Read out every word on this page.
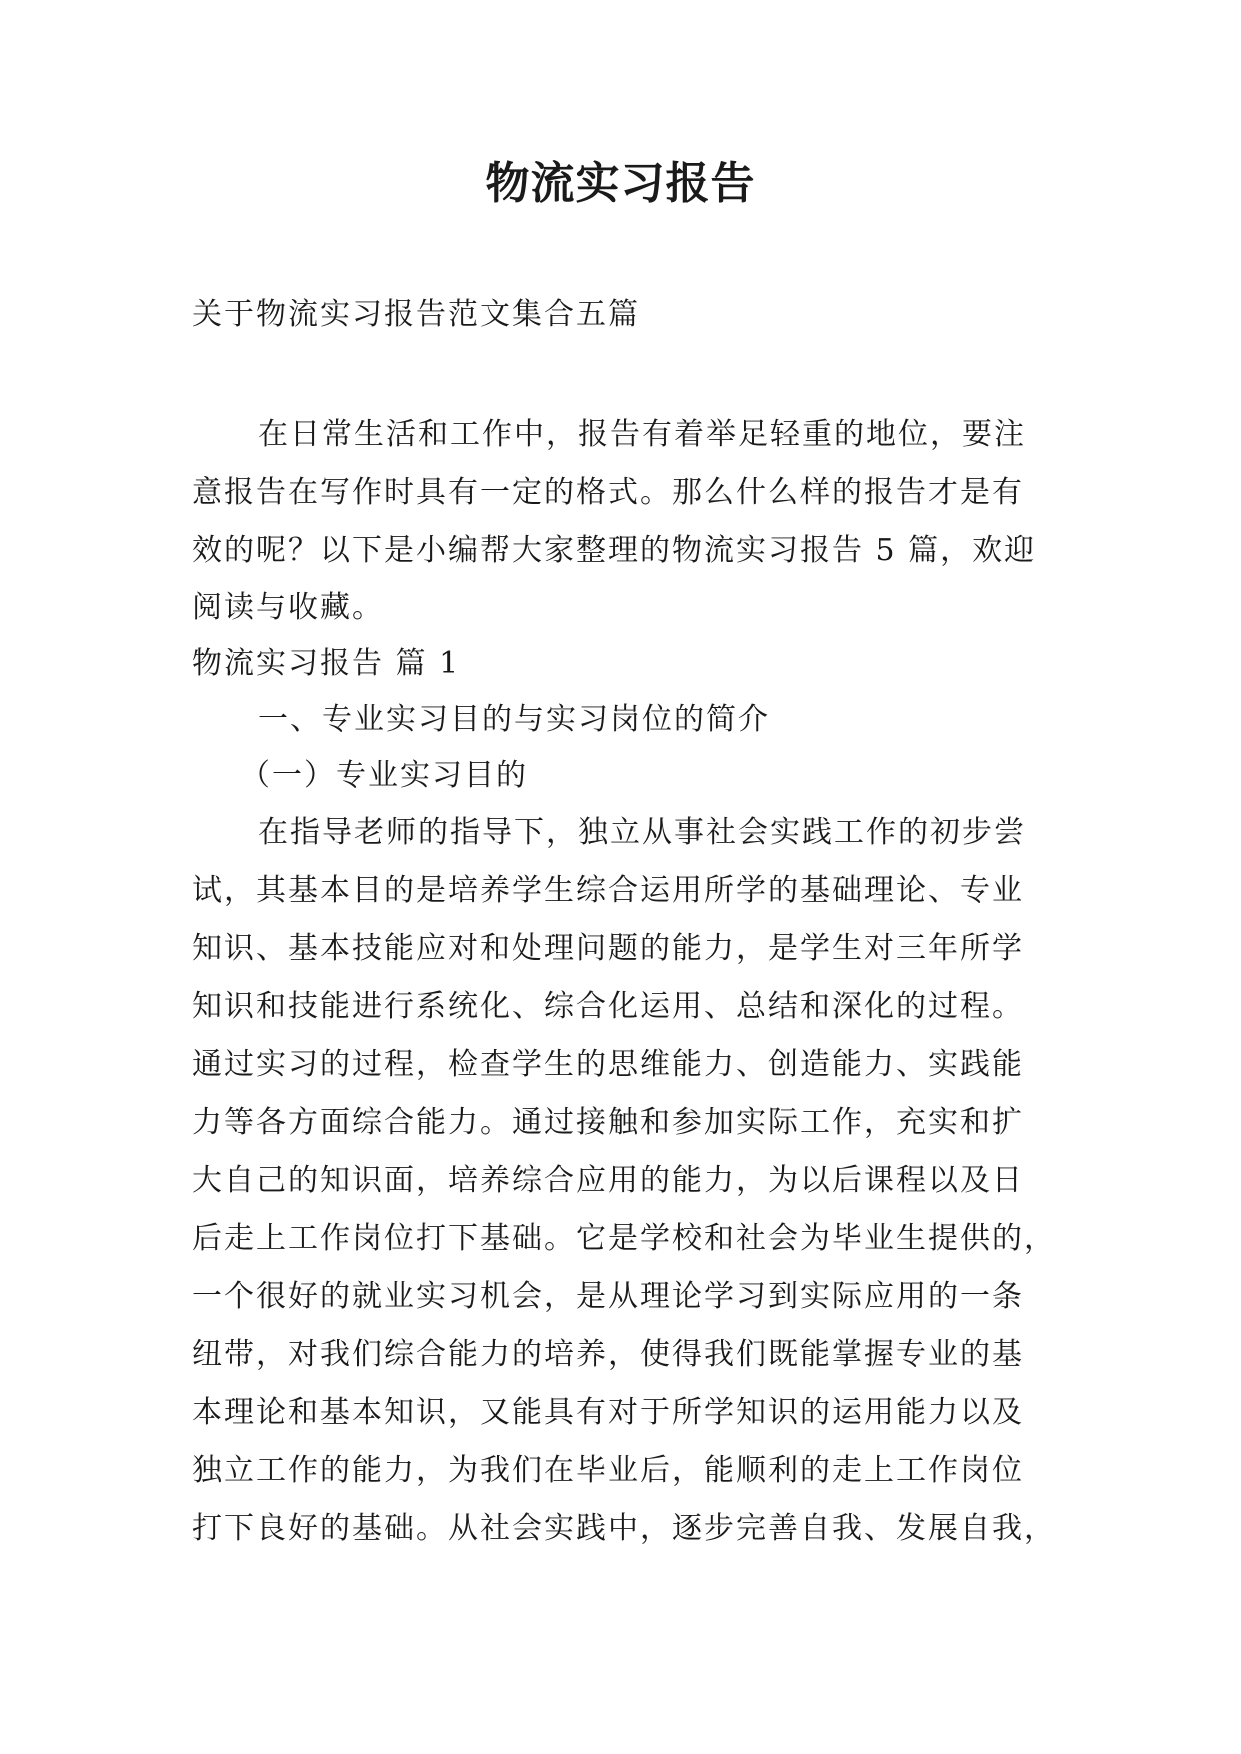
物流实习报告
关于物流实习报告范文集合五篇
在日常生活和工作中，报告有着举足轻重的地位，要注
意报告在写作时具有一定的格式。那么什么样的报告才是有
效的呢？以下是小编帮大家整理的物流实习报告 5 篇，欢迎
阅读与收藏。
物流实习报告 篇 1
一、专业实习目的与实习岗位的简介
（一）专业实习目的
在指导老师的指导下，独立从事社会实践工作的初步尝
试，其基本目的是培养学生综合运用所学的基础理论、专业
知识、基本技能应对和处理问题的能力，是学生对三年所学
知识和技能进行系统化、综合化运用、总结和深化的过程。
通过实习的过程，检查学生的思维能力、创造能力、实践能
力等各方面综合能力。通过接触和参加实际工作，充实和扩
大自己的知识面，培养综合应用的能力，为以后课程以及日
后走上工作岗位打下基础。它是学校和社会为毕业生提供的，
一个很好的就业实习机会，是从理论学习到实际应用的一条
纽带，对我们综合能力的培养，使得我们既能掌握专业的基
本理论和基本知识，又能具有对于所学知识的运用能力以及
独立工作的能力，为我们在毕业后，能顺利的走上工作岗位
打下良好的基础。从社会实践中，逐步完善自我、发展自我，
